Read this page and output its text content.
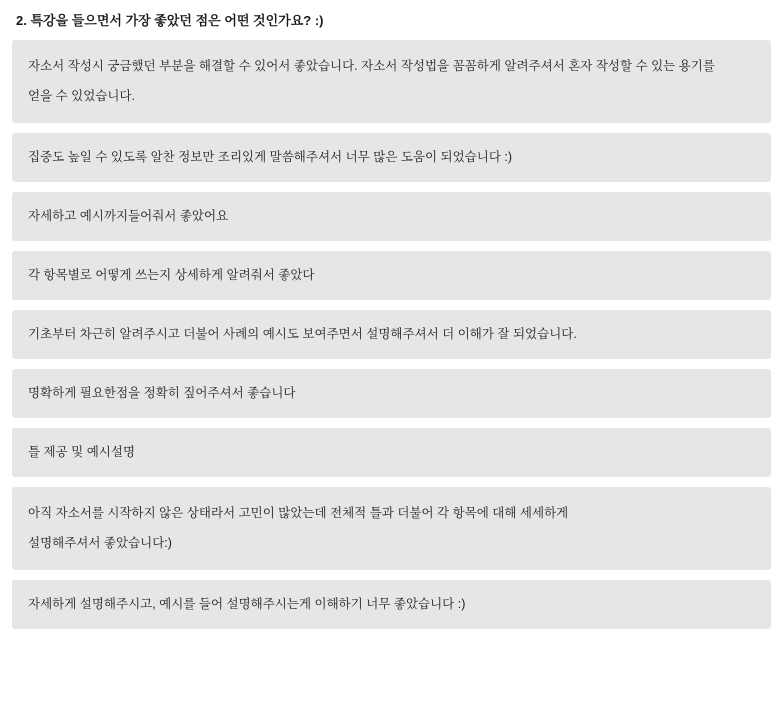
2. 특강을 들으면서 가장 좋았던 점은 어떤 것인가요? :)
자소서 작성시 궁금했던 부분을 해결할 수 있어서 좋았습니다. 자소서 작성법을 꼼꼼하게 알려주셔서 혼자 작성할 수 있는 용기를
얻을 수 있었습니다.
집중도 높일 수 있도록 알찬 정보만 조리있게 말씀해주셔서 너무 많은 도움이 되었습니다 :)
자세하고 예시까지들어줘서 좋았어요
각 항목별로 어떻게 쓰는지 상세하게 알려줘서 좋았다
기초부터 차근히 알려주시고 더불어 사례의 예시도 보여주면서 설명해주셔서 더 이해가 잘 되었습니다.
명확하게 필요한점을 정확히 짚어주셔서 좋습니다
틀 제공 및 예시설명
아직 자소서를 시작하지 않은 상태라서 고민이 많았는데 전체적 틀과 더불어 각 항목에 대해 세세하게
설명해주셔서 좋았습니다:)
자세하게 설명해주시고, 예시를 들어 설명해주시는게 이해하기 너무 좋았습니다 :)
